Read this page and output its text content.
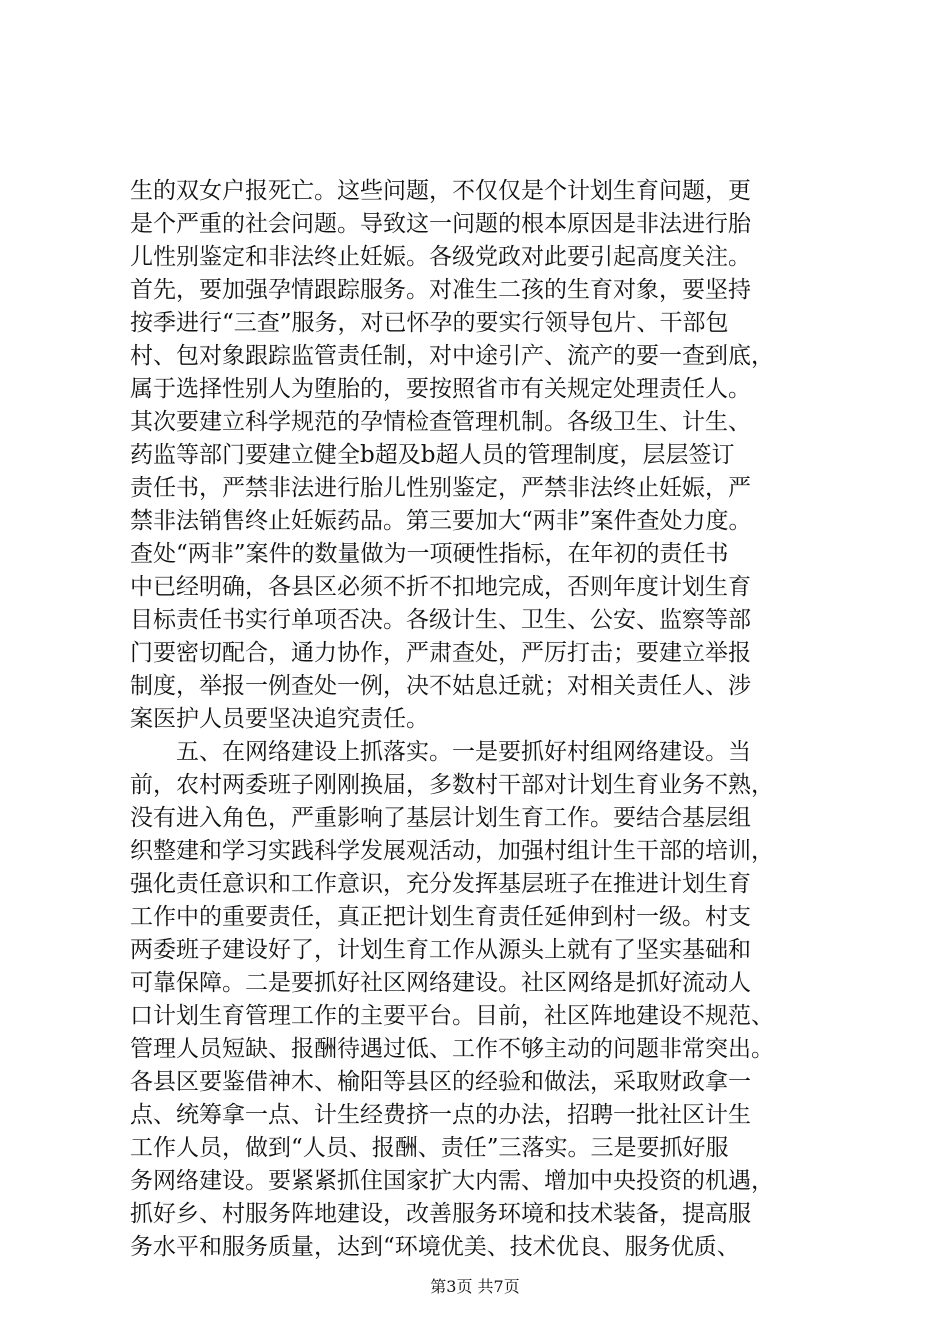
生的双女户报死亡。这些问题，不仅仅是个计划生育问题，更
是个严重的社会问题。导致这一问题的根本原因是非法进行胎
儿性别鉴定和非法终止妊娠。各级党政对此要引起高度关注。
首先，要加强孕情跟踪服务。对准生二孩的生育对象，要坚持
按季进行“三查”服务，对已怀孕的要实行领导包片、干部包
村、包对象跟踪监管责任制，对中途引产、流产的要一查到底，
属于选择性别人为堕胎的，要按照省市有关规定处理责任人。
其次要建立科学规范的孕情检查管理机制。各级卫生、计生、
药监等部门要建立健全b超及b超人员的管理制度，层层签订
责任书，严禁非法进行胎儿性别鉴定，严禁非法终止妊娠，严
禁非法销售终止妊娠药品。第三要加大“两非”案件查处力度。
查处“两非”案件的数量做为一项硬性指标，在年初的责任书
中已经明确，各县区必须不折不扣地完成，否则年度计划生育
目标责任书实行单项否决。各级计生、卫生、公安、监察等部
门要密切配合，通力协作，严肃查处，严厉打击；要建立举报
制度，举报一例查处一例，决不姑息迁就；对相关责任人、涉
案医护人员要坚决追究责任。
五、在网络建设上抓落实。一是要抓好村组网络建设。当
前，农村两委班子刚刚换届，多数村干部对计划生育业务不熟，
没有进入角色，严重影响了基层计划生育工作。要结合基层组
织整建和学习实践科学发展观活动，加强村组计生干部的培训，
强化责任意识和工作意识，充分发挥基层班子在推进计划生育
工作中的重要责任，真正把计划生育责任延伸到村一级。村支
两委班子建设好了，计划生育工作从源头上就有了坚实基础和
可靠保障。二是要抓好社区网络建设。社区网络是抓好流动人
口计划生育管理工作的主要平台。目前，社区阵地建设不规范、
管理人员短缺、报酬待遇过低、工作不够主动的问题非常突出。
各县区要鉴借神木、榆阳等县区的经验和做法，采取财政拿一
点、统筹拿一点、计生经费挤一点的办法，招聘一批社区计生
工作人员，做到“人员、报酬、责任”三落实。三是要抓好服
务网络建设。要紧紧抓住国家扩大内需、增加中央投资的机遇，
抓好乡、村服务阵地建设，改善服务环境和技术装备，提高服
务水平和服务质量，达到“环境优美、技术优良、服务优质、
第3页 共7页
